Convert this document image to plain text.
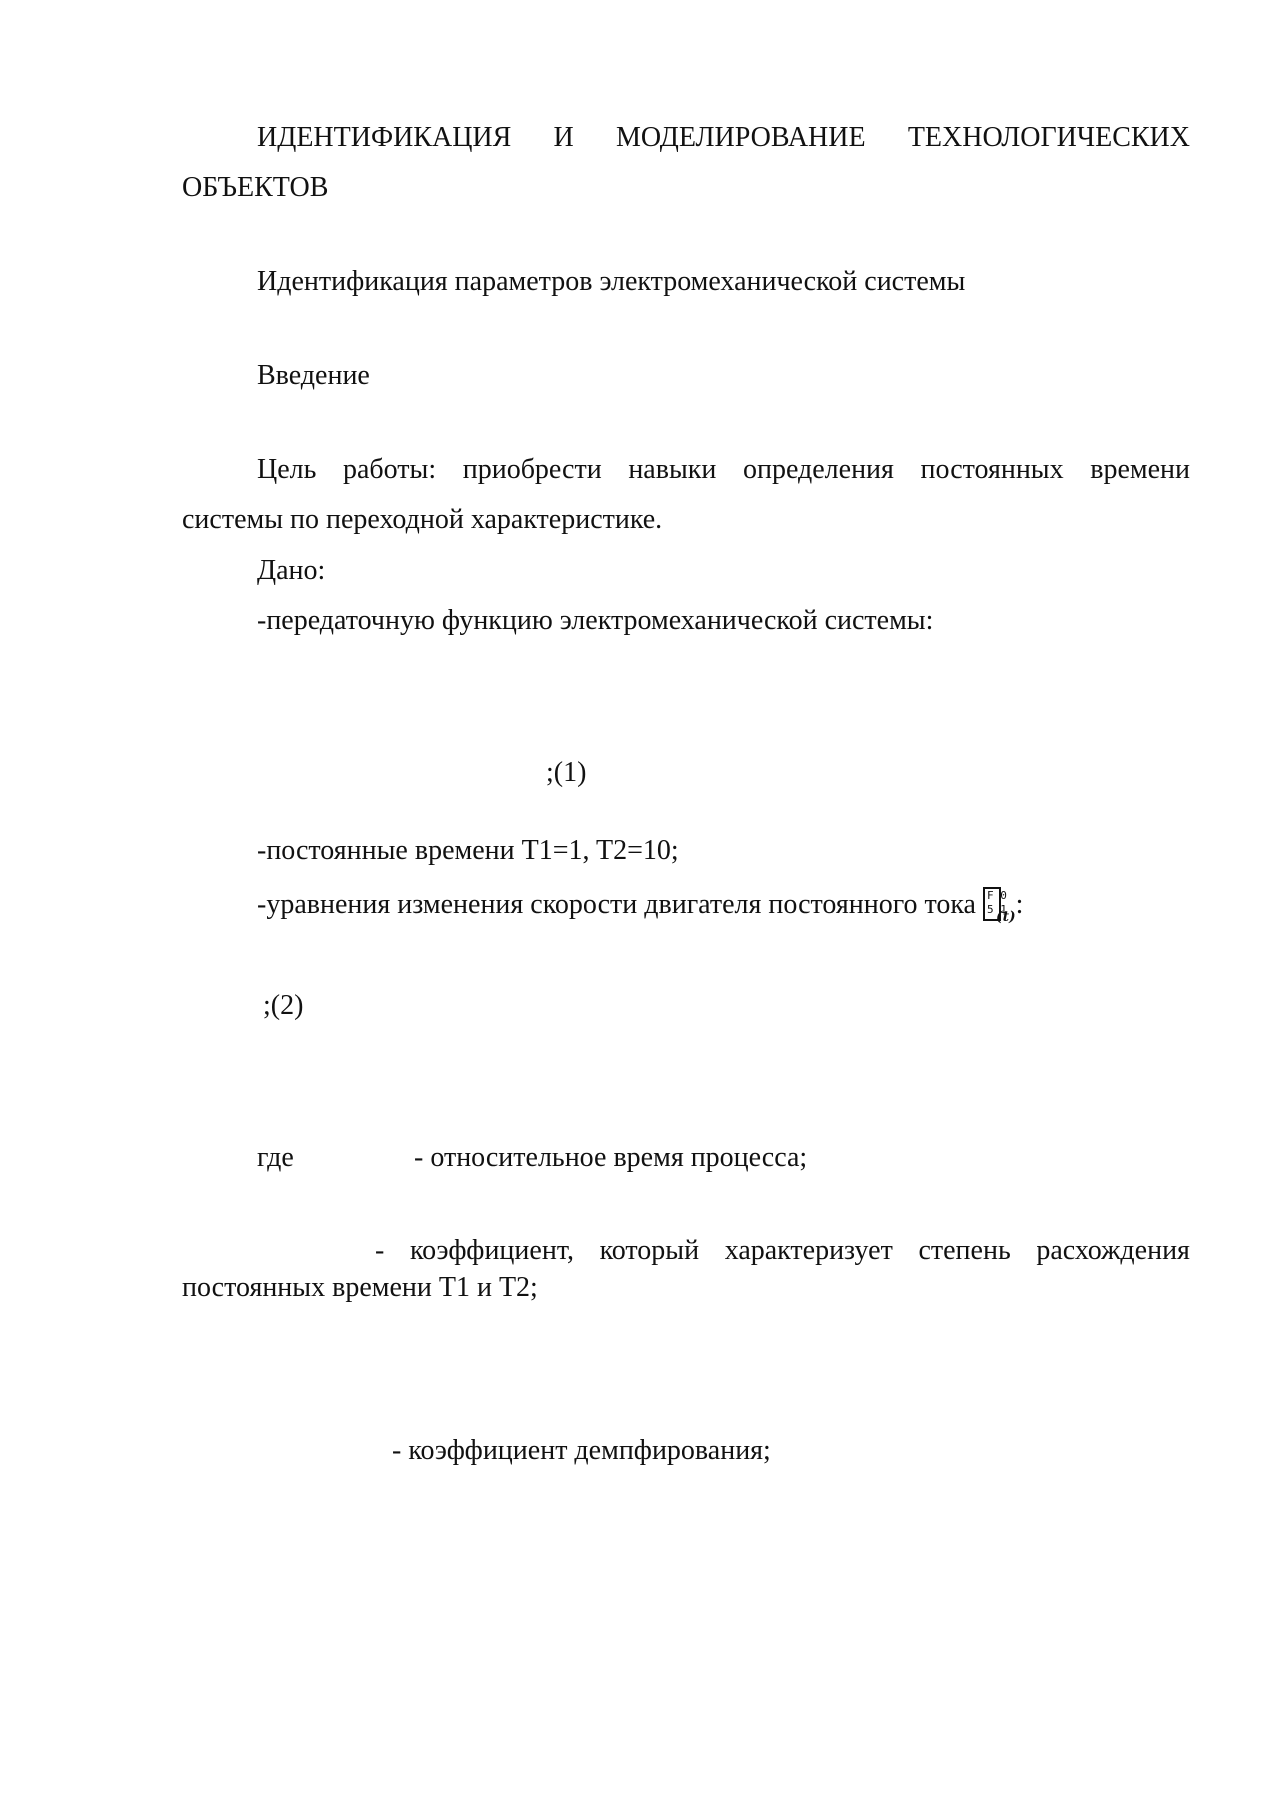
ИДЕНТИФИКАЦИЯ И МОДЕЛИРОВАНИЕ ТЕХНОЛОГИЧЕСКИХ
ОБЪЕКТОВ
Идентификация параметров электромеханической системы
Введение
Цель работы: приобрести навыки определения постоянных времени
системы по переходной характеристике.
Дано:
-передаточную функцию электромеханической системы:
;(1)
-постоянные времени T1=1, T2=10;
-уравнения изменения скорости двигателя постоянного тока F 0
5 1
$_{(t)}$:
;(2)
где	- относительное время процесса;
- коэффициент, который характеризует степень расхождения
постоянных времени T1 и T2;
- коэффициент демпфирования;
